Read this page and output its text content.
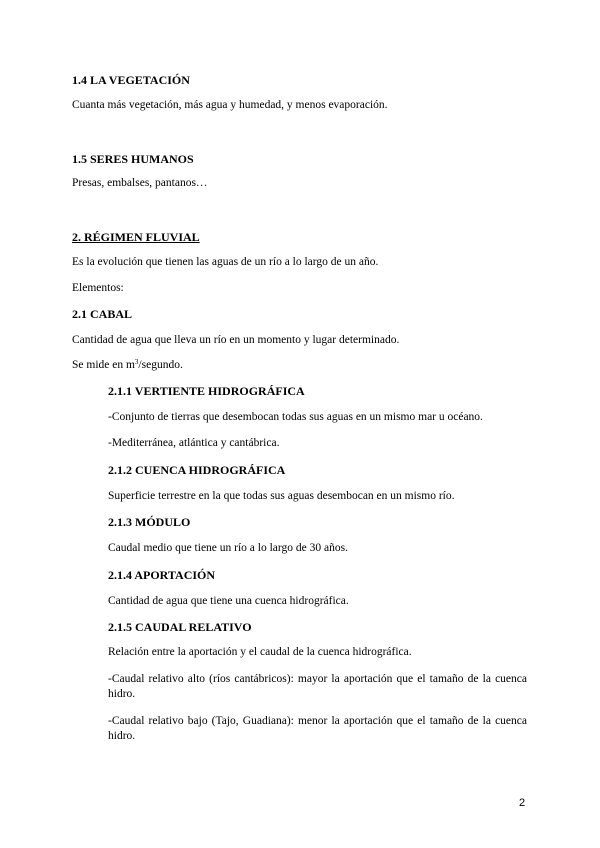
1.4 LA VEGETACIÓN
Cuanta más vegetación, más agua y humedad, y menos evaporación.
1.5 SERES HUMANOS
Presas, embalses, pantanos…
2. RÉGIMEN FLUVIAL
Es la evolución que tienen las aguas de un río a lo largo de un año.
Elementos:
2.1 CABAL
Cantidad de agua que lleva un río en un momento y lugar determinado.
Se mide en $m^3$/segundo.
2.1.1 VERTIENTE HIDROGRÁFICA
-Conjunto de tierras que desembocan todas sus aguas en un mismo mar u océano.
-Mediterránea, atlántica y cantábrica.
2.1.2 CUENCA HIDROGRÁFICA
Superficie terrestre en la que todas sus aguas desembocan en un mismo río.
2.1.3 MÓDULO
Caudal medio que tiene un río a lo largo de 30 años.
2.1.4 APORTACIÓN
Cantidad de agua que tiene una cuenca hidrográfica.
2.1.5 CAUDAL RELATIVO
Relación entre la aportación y el caudal de la cuenca hidrográfica.
-Caudal relativo alto (ríos cantábricos): mayor la aportación que el tamaño de la cuenca hidro.
-Caudal relativo bajo (Tajo, Guadiana): menor la aportación que el tamaño de la cuenca hidro.
2
